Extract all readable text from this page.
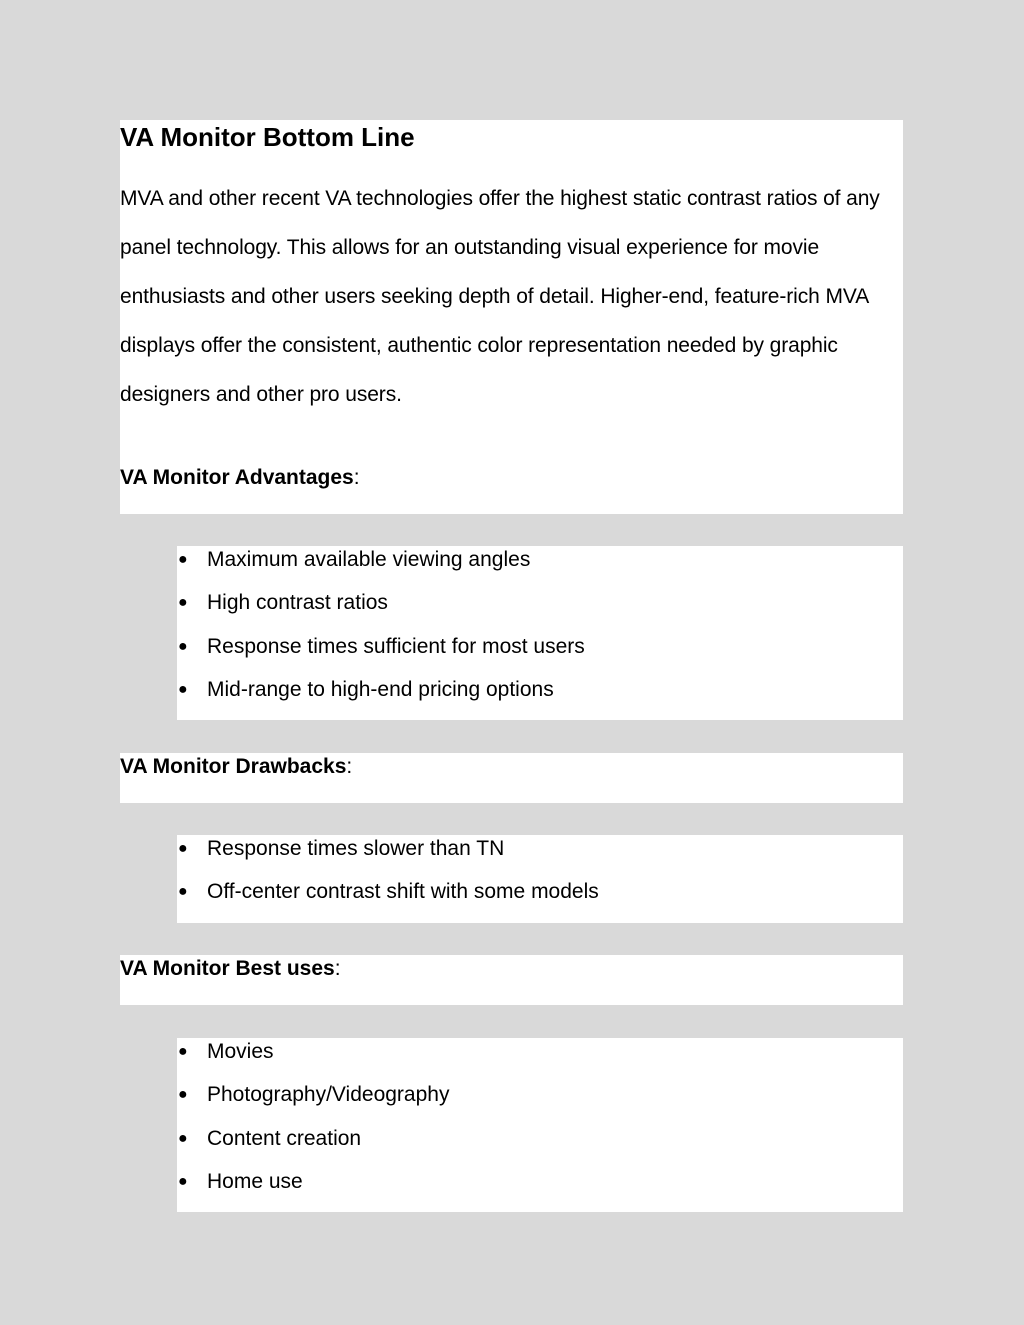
VA Monitor Bottom Line

MVA and other recent VA technologies offer the highest static contrast ratios of any panel technology. This allows for an outstanding visual experience for movie enthusiasts and other users seeking depth of detail. Higher-end, feature-rich MVA displays offer the consistent, authentic color representation needed by graphic designers and other pro users.

VA Monitor Advantages:

● Maximum available viewing angles
● High contrast ratios
● Response times sufficient for most users
● Mid-range to high-end pricing options

VA Monitor Drawbacks:

● Response times slower than TN
● Off-center contrast shift with some models

VA Monitor Best uses:

● Movies
● Photography/Videography
● Content creation
● Home use
